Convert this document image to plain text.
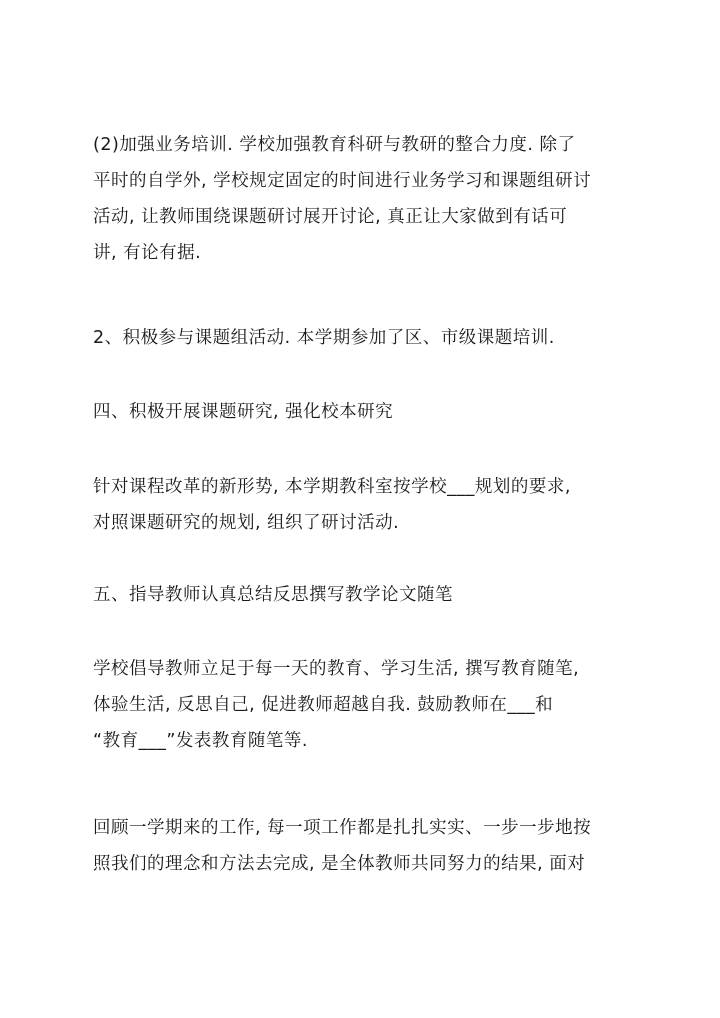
(2)加强业务培训. 学校加强教育科研与教研的整合力度. 除了
平时的自学外, 学校规定固定的时间进行业务学习和课题组研讨
活动, 让教师围绕课题研讨展开讨论, 真正让大家做到有话可
讲, 有论有据.
2、积极参与课题组活动. 本学期参加了区、市级课题培训.
四、积极开展课题研究, 强化校本研究
针对课程改革的新形势, 本学期教科室按学校___规划的要求,
对照课题研究的规划, 组织了研讨活动.
五、指导教师认真总结反思撰写教学论文随笔
学校倡导教师立足于每一天的教育、学习生活, 撰写教育随笔,
体验生活, 反思自己, 促进教师超越自我. 鼓励教师在___和
“教育___”发表教育随笔等.
回顾一学期来的工作, 每一项工作都是扎扎实实、一步一步地按
照我们的理念和方法去完成, 是全体教师共同努力的结果, 面对
